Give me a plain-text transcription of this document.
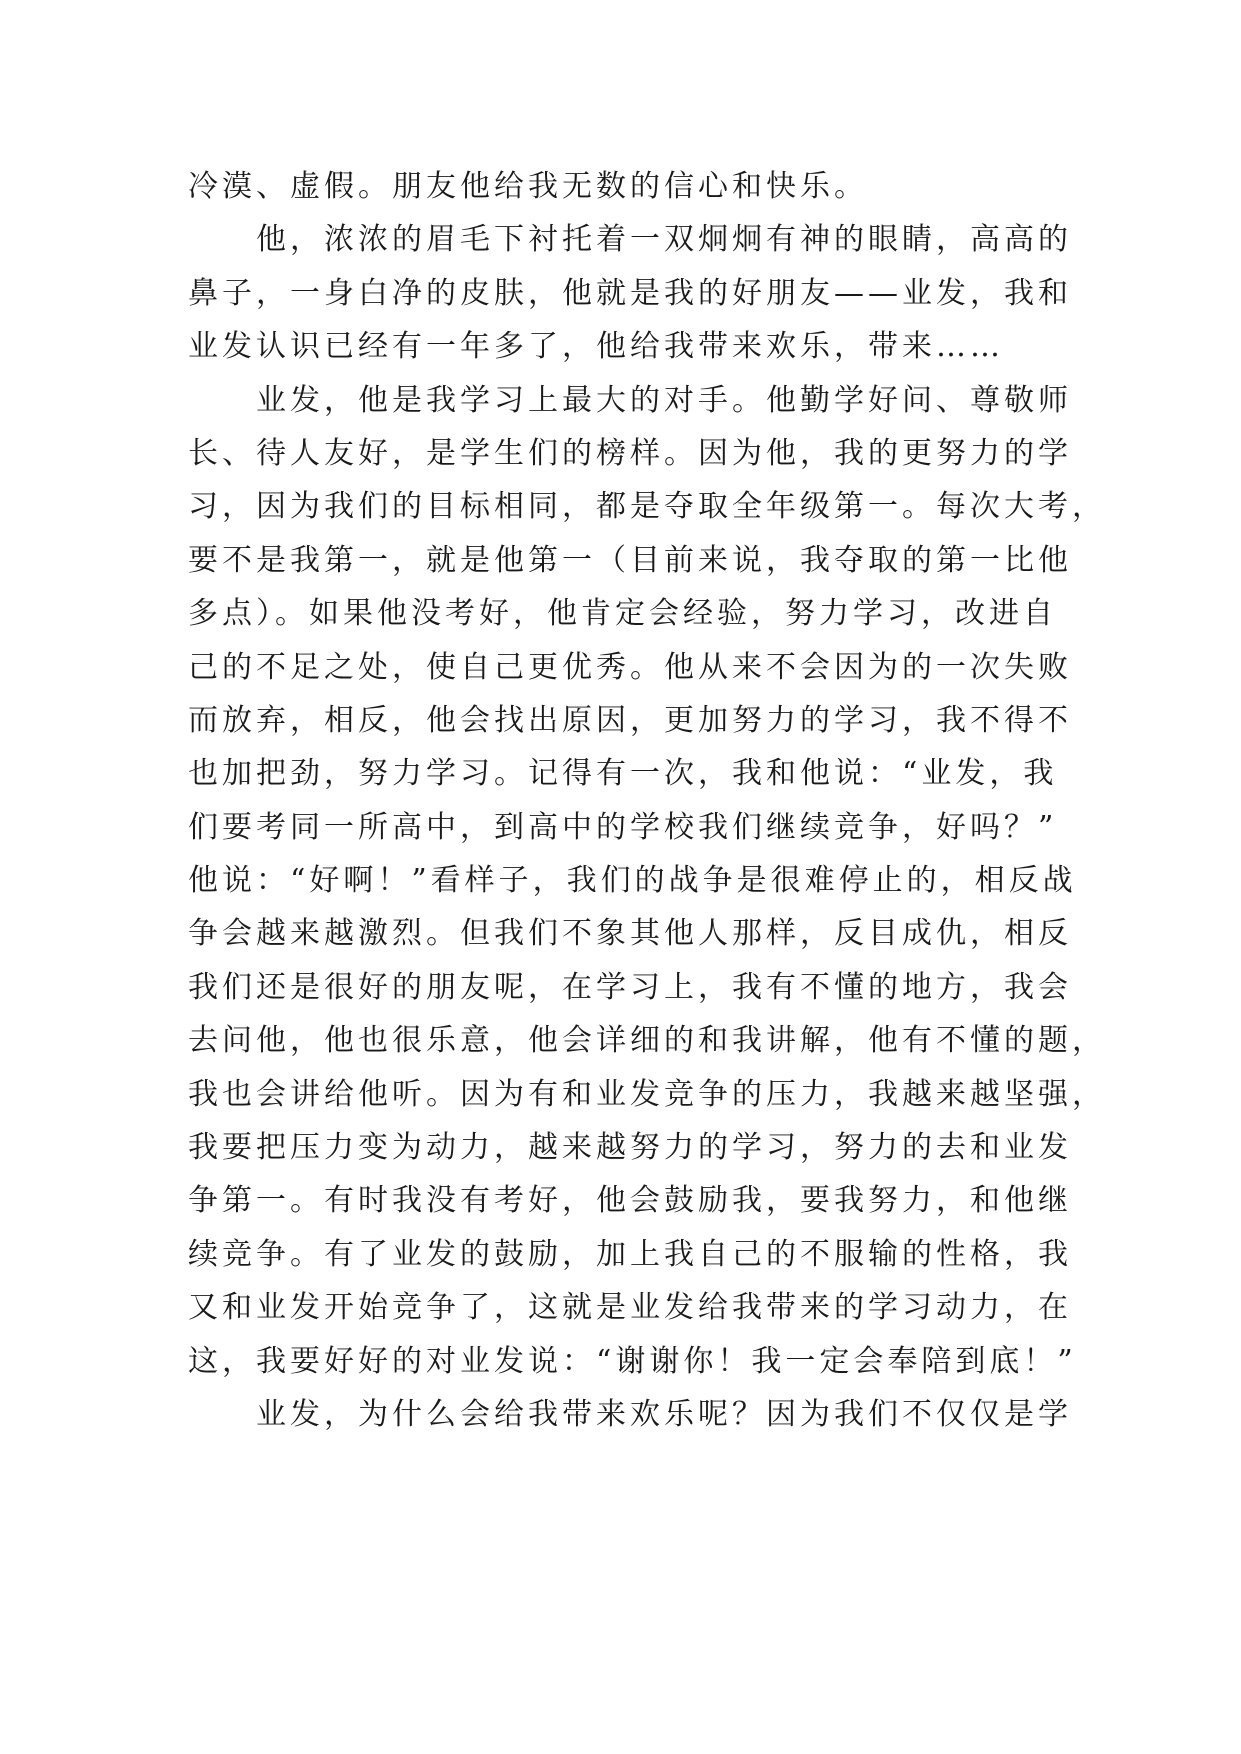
冷漠、虚假。朋友他给我无数的信心和快乐。
他，浓浓的眉毛下衬托着一双炯炯有神的眼睛，高高的
鼻子，一身白净的皮肤，他就是我的好朋友——业发，我和
业发认识已经有一年多了，他给我带来欢乐，带来……
业发，他是我学习上最大的对手。他勤学好问、尊敬师
长、待人友好，是学生们的榜样。因为他，我的更努力的学
习，因为我们的目标相同，都是夺取全年级第一。每次大考，
要不是我第一，就是他第一（目前来说，我夺取的第一比他
多点）。如果他没考好，他肯定会经验，努力学习，改进自
己的不足之处，使自己更优秀。他从来不会因为的一次失败
而放弃，相反，他会找出原因，更加努力的学习，我不得不
也加把劲，努力学习。记得有一次，我和他说：“业发，我
们要考同一所高中，到高中的学校我们继续竞争，好吗？”
他说：“好啊！”看样子，我们的战争是很难停止的，相反战
争会越来越激烈。但我们不象其他人那样，反目成仇，相反
我们还是很好的朋友呢，在学习上，我有不懂的地方，我会
去问他，他也很乐意，他会详细的和我讲解，他有不懂的题，
我也会讲给他听。因为有和业发竞争的压力，我越来越坚强，
我要把压力变为动力，越来越努力的学习，努力的去和业发
争第一。有时我没有考好，他会鼓励我，要我努力，和他继
续竞争。有了业发的鼓励，加上我自己的不服输的性格，我
又和业发开始竞争了，这就是业发给我带来的学习动力，在
这，我要好好的对业发说：“谢谢你！我一定会奉陪到底！”
业发，为什么会给我带来欢乐呢？因为我们不仅仅是学
